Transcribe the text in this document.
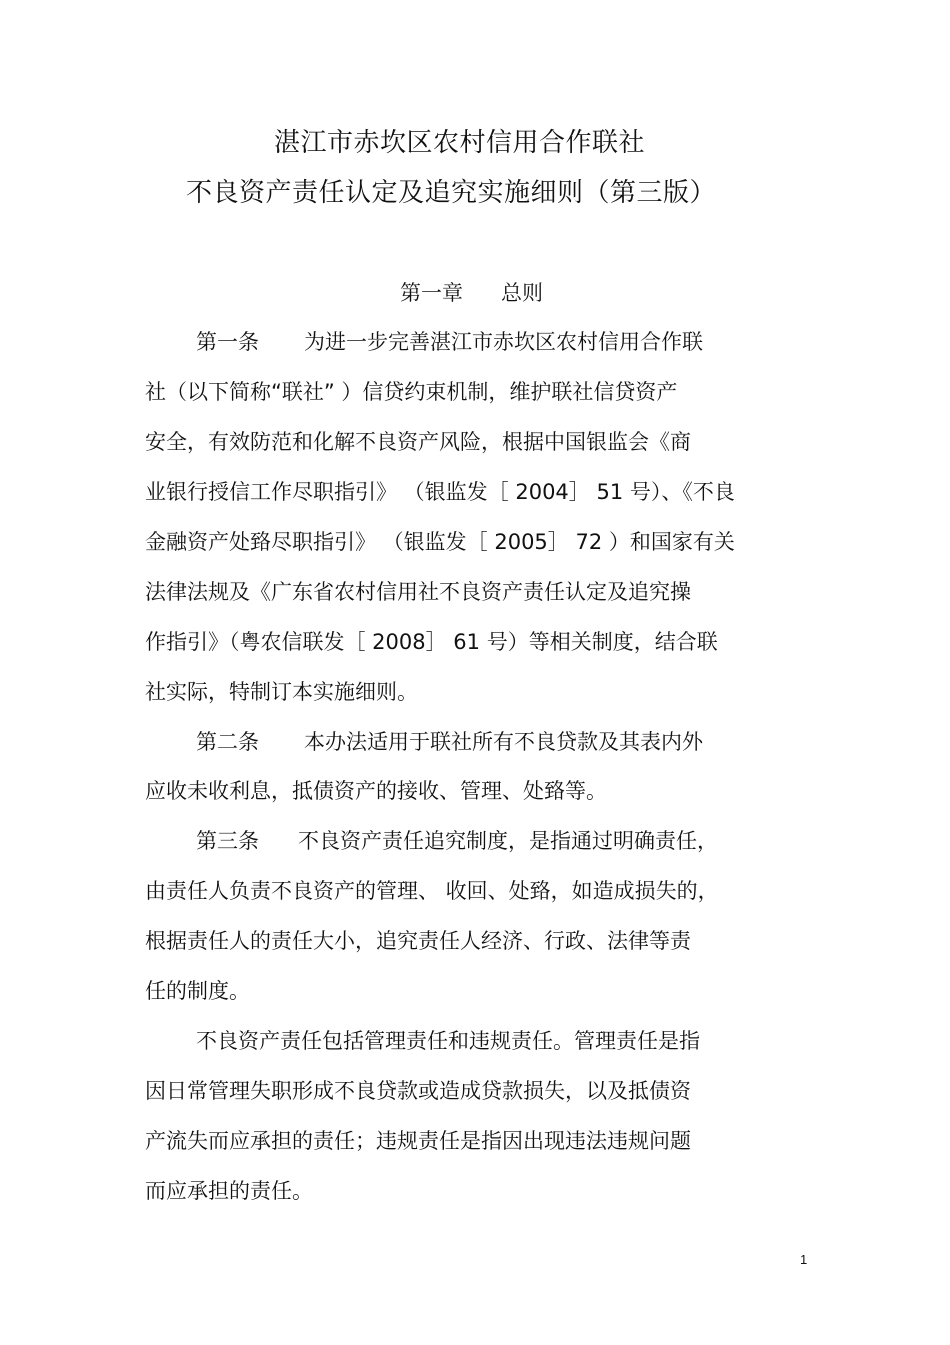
湛江市赤坎区农村信用合作联社
不良资产责任认定及追究实施细则（第三版）
第一章 总则
第一条 为进一步完善湛江市赤坎区农村信用合作联
社（以下简称“联社” ）信贷约束机制，维护联社信贷资产
安全，有效防范和化解不良资产风险，根据中国银监会《商
业银行授信工作尽职指引》 （银监发［ 2004］ 51 号）、《不良
金融资产处臵尽职指引》 （银监发［ 2005］ 72 ）和国家有关
法律法规及《广东省农村信用社不良资产责任认定及追究操
作指引》（粤农信联发［ 2008］ 61 号）等相关制度，结合联
社实际，特制订本实施细则。
第二条 本办法适用于联社所有不良贷款及其表内外
应收未收利息，抵债资产的接收、管理、处臵等。
第三条 不良资产责任追究制度，是指通过明确责任，
由责任人负责不良资产的管理、 收回、处臵，如造成损失的，
根据责任人的责任大小，追究责任人经济、行政、法律等责
任的制度。
不良资产责任包括管理责任和违规责任。管理责任是指
因日常管理失职形成不良贷款或造成贷款损失，以及抵债资
产流失而应承担的责任；违规责任是指因出现违法违规问题
而应承担的责任。
1
